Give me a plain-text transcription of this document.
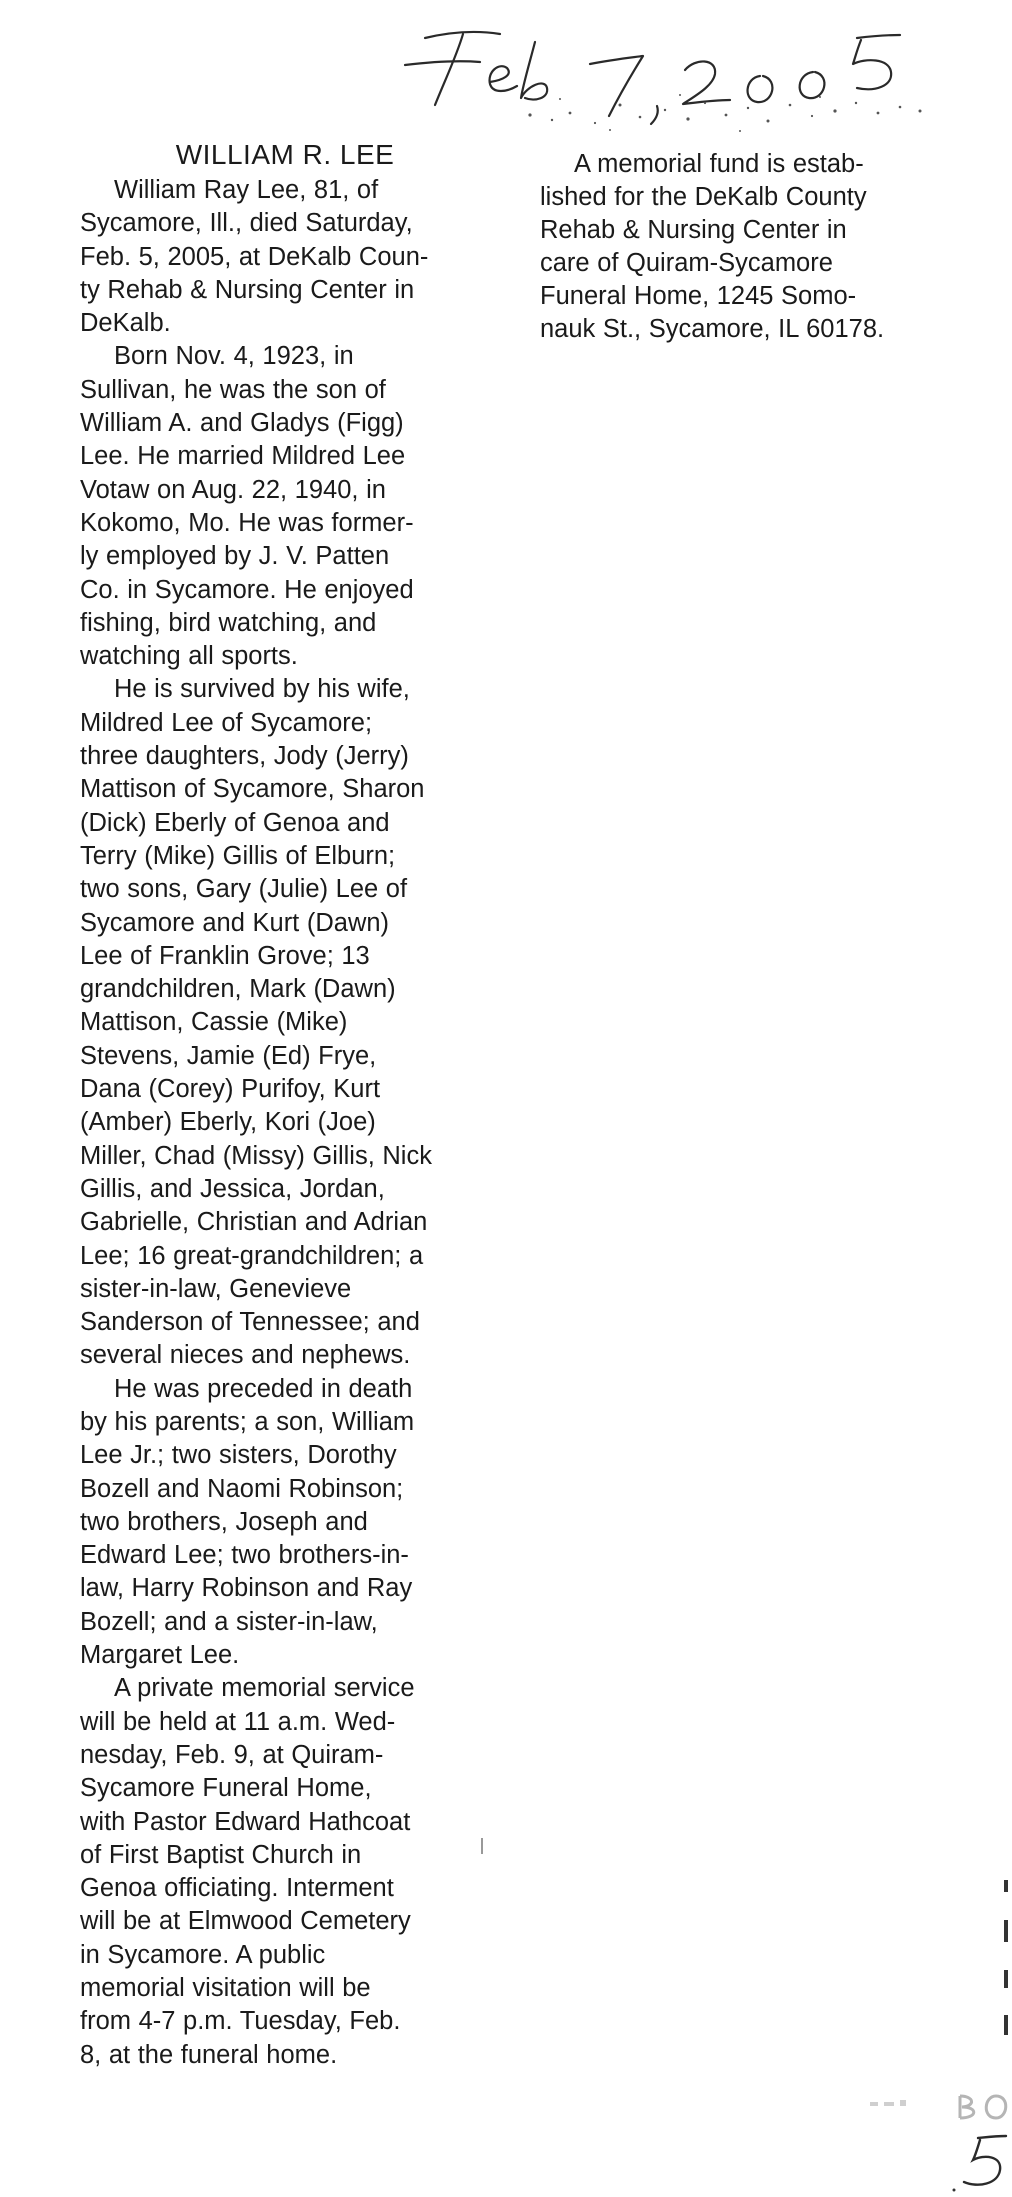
WILLIAM R. LEE

William Ray Lee, 81, of
Sycamore, Ill., died Saturday,
Feb. 5, 2005, at DeKalb Coun-
ty Rehab & Nursing Center in
DeKalb.

Born Nov. 4, 1923, in
Sullivan, he was the son of
William A. and Gladys (Figg)
Lee. He married Mildred Lee
Votaw on Aug. 22, 1940, in
Kokomo, Mo. He was former-
ly employed by J. V. Patten
Co. in Sycamore. He enjoyed
fishing, bird watching, and
watching all sports.

He is survived by his wife,
Mildred Lee of Sycamore;
three daughters, Jody (Jerry)
Mattison of Sycamore, Sharon
(Dick) Eberly of Genoa and
Terry (Mike) Gillis of Elburn;
two sons, Gary (Julie) Lee of
Sycamore and Kurt (Dawn)
Lee of Franklin Grove; 13
grandchildren, Mark (Dawn)
Mattison, Cassie (Mike)
Stevens, Jamie (Ed) Frye,
Dana (Corey) Purifoy, Kurt
(Amber) Eberly, Kori (Joe)
Miller, Chad (Missy) Gillis, Nick
Gillis, and Jessica, Jordan,
Gabrielle, Christian and Adrian
Lee; 16 great-grandchildren; a
sister-in-law, Genevieve
Sanderson of Tennessee; and
several nieces and nephews.

He was preceded in death
by his parents; a son, William
Lee Jr.; two sisters, Dorothy
Bozell and Naomi Robinson;
two brothers, Joseph and
Edward Lee; two brothers-in-
law, Harry Robinson and Ray
Bozell; and a sister-in-law,
Margaret Lee.

A private memorial service
will be held at 11 a.m. Wed-
nesday, Feb. 9, at Quiram-
Sycamore Funeral Home,
with Pastor Edward Hathcoat
of First Baptist Church in
Genoa officiating. Interment
will be at Elmwood Cemetery
in Sycamore. A public
memorial visitation will be
from 4-7 p.m. Tuesday, Feb.
8, at the funeral home.

A memorial fund is estab-
lished for the DeKalb County
Rehab & Nursing Center in
care of Quiram-Sycamore
Funeral Home, 1245 Somo-
nauk St., Sycamore, IL 60178.
